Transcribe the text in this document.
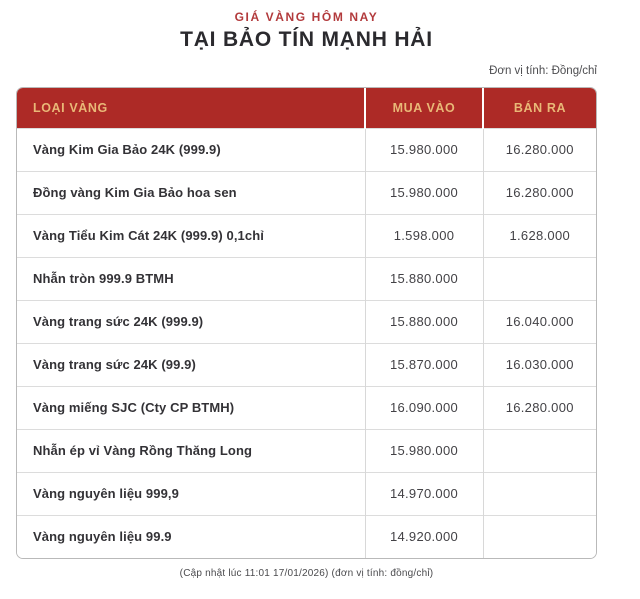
GIÁ VÀNG HÔM NAY
TẠI BẢO TÍN MẠNH HẢI
Đơn vị tính: Đồng/chỉ
LOẠI VÀNG	MUA VÀO	BÁN RA
Vàng Kim Gia Bảo 24K (999.9)	15.980.000	16.280.000
Đồng vàng Kim Gia Bảo hoa sen	15.980.000	16.280.000
Vàng Tiểu Kim Cát 24K (999.9) 0,1chỉ	1.598.000	1.628.000
Nhẫn tròn 999.9 BTMH	15.880.000	
Vàng trang sức 24K (999.9)	15.880.000	16.040.000
Vàng trang sức 24K (99.9)	15.870.000	16.030.000
Vàng miếng SJC (Cty CP BTMH)	16.090.000	16.280.000
Nhẫn ép vỉ Vàng Rồng Thăng Long	15.980.000	
Vàng nguyên liệu 999,9	14.970.000	
Vàng nguyên liệu 99.9	14.920.000	
(Cập nhật lúc 11:01 17/01/2026) (đơn vị tính: đồng/chỉ)
